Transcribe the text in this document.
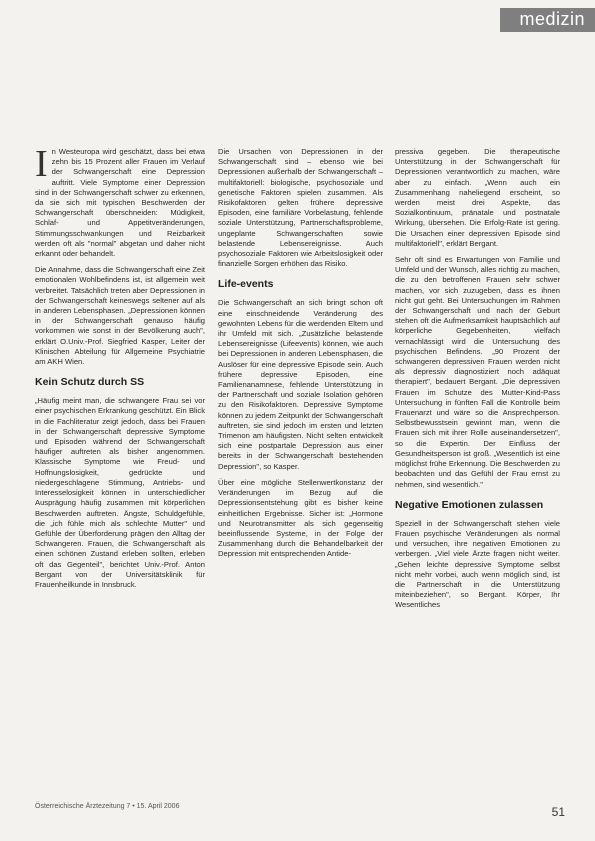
medizin

In Westeuropa wird geschätzt, dass bei etwa zehn bis 15 Prozent aller Frauen im Verlauf der Schwangerschaft eine Depression auftritt. Viele Symptome einer Depression sind in der Schwangerschaft schwer zu erkennen, da sie sich mit typischen Beschwerden der Schwangerschaft überschneiden: Müdigkeit, Schlaf- und Appetitveränderungen, Stimmungsschwankungen und Reizbarkeit werden oft als "normal" abgetan und daher nicht erkannt oder behandelt.

Die Annahme, dass die Schwangerschaft eine Zeit emotionalen Wohlbefindens ist, ist allgemein weit verbreitet. Tatsächlich treten aber Depressionen in der Schwangerschaft keineswegs seltener auf als in anderen Lebensphasen. „Depressionen können in der Schwangerschaft genauso häufig vorkommen wie sonst in der Bevölkerung auch", erklärt O.Univ.-Prof. Siegfried Kasper, Leiter der Klinischen Abteilung für Allgemeine Psychiatrie am AKH Wien.

Kein Schutz durch SS

„Häufig meint man, die schwangere Frau sei vor einer psychischen Erkrankung geschützt. Ein Blick in die Fachliteratur zeigt jedoch, dass bei Frauen in der Schwangerschaft depressive Symptome und Episoden während der Schwangerschaft häufiger auftreten als bisher angenommen. Klassische Symptome wie Freud- und Hoffnungslosigkeit, gedrückte und niedergeschlagene Stimmung, Antriebs- und Interesselosigkeit können in unterschiedlicher Ausprägung häufig zusammen mit körperlichen Beschwerden auftreten. Ängste, Schuldgefühle, die „ich fühle mich als schlechte Mutter" und Gefühle der Überforderung prägen den Alltag der Schwangeren. Frauen, die Schwangerschaft als einen schönen Zustand erleben sollten, erleben oft das Gegenteil", berichtet Univ.-Prof. Anton Bergant von der Universitätsklinik für Frauenheilkunde in Innsbruck.

Die Ursachen von Depressionen in der Schwangerschaft sind – ebenso wie bei Depressionen außerhalb der Schwangerschaft – multifaktoriell: biologische, psychosoziale und genetische Faktoren spielen zusammen. Als Risikofaktoren gelten frühere depressive Episoden, eine familiäre Vorbelastung, fehlende soziale Unterstützung, Partnerschaftsprobleme, ungeplante Schwangerschaften sowie belastende Lebensereignisse. Auch psychosoziale Faktoren wie Arbeitslosigkeit oder finanzielle Sorgen erhöhen das Risiko.

Life-events

Die Schwangerschaft an sich bringt schon oft eine einschneidende Veränderung des gewohnten Lebens für die werdenden Eltern und ihr Umfeld mit sich. „Zusätzliche belastende Lebensereignisse (Lifeevents) können, wie auch bei Depressionen in anderen Lebensphasen, die Auslöser für eine depressive Episode sein. Auch frühere depressive Episoden, eine Familienanamnese, fehlende Unterstützung in der Partnerschaft und soziale Isolation gehören zu den Risikofaktoren. Depressive Symptome können zu jedem Zeitpunkt der Schwangerschaft auftreten, sie sind jedoch im ersten und letzten Trimenon am häufigsten. Nicht selten entwickelt sich eine postpartale Depression aus einer bereits in der Schwangerschaft bestehenden Depression", so Kasper.

Über eine mögliche Stellenwertkonstanz der Veränderungen im Bezug auf die Depressionsentstehung gibt es bisher keine einheitlichen Ergebnisse. Sicher ist: „Hormone und Neurotransmitter als sich gegenseitig beeinflussende Systeme, in der Folge der Zusammenhang durch die Behandelbarkeit der Depression mit entsprechenden Antide-

pressiva gegeben. Die therapeutische Unterstützung in der Schwangerschaft für Depressionen verantwortlich zu machen, wäre aber zu einfach. „Wenn auch ein Zusammenhang naheliegend erscheint, so werden meist drei Aspekte, das Sozialkontinuum, pränatale und postnatale Wirkung, übersehen. Die Erfolg-Rate ist gering. Die Ursachen einer depressiven Episode sind multifaktoriell", erklärt Bergant.

Sehr oft sind es Erwartungen von Familie und Umfeld und der Wunsch, alles richtig zu machen, die zu den betroffenen Frauen sehr schwer machen, vor sich zuzugeben, dass es ihnen nicht gut geht. Bei Untersuchungen im Rahmen der Schwangerschaft und nach der Geburt stehen oft die Aufmerksamkeit hauptsächlich auf körperliche Gegebenheiten, vielfach vernachlässigt wird die Untersuchung des psychischen Befindens. „90 Prozent der schwangeren depressiven Frauen werden nicht als depressiv diagnostiziert noch adäquat therapiert", bedauert Bergant. „Die depressiven Frauen im Schutze des Mutter-Kind-Pass Untersuchung in fünften Fall die Kontrolle beim Frauenarzt und wäre so die Ansprechperson. Selbstbewusstsein gewinnt man, wenn die Frauen sich mit ihrer Rolle auseinandersetzen", so die Expertin. Der Einfluss der Gesundheitsperson ist groß. „Wesentlich ist eine möglichst frühe Erkennung. Die Beschwerden zu beobachten und das Gefühl der Frau ernst zu nehmen, sind wesentlich."

Negative Emotionen zulassen

Speziell in der Schwangerschaft stehen viele Frauen psychische Veränderungen als normal und versuchen, ihre negativen Emotionen zu verbergen. „Viel viele Ärzte fragen nicht weiter. „Gehen leichte depressive Symptome selbst nicht mehr vorbei, auch wenn möglich sind, ist die Partnerschaft in die Unterstützung miteinbeziehen", so Bergant. Körper, Ihr Wesentliches

Österreichische Ärztezeitung 7 • 15. April 2006	51
